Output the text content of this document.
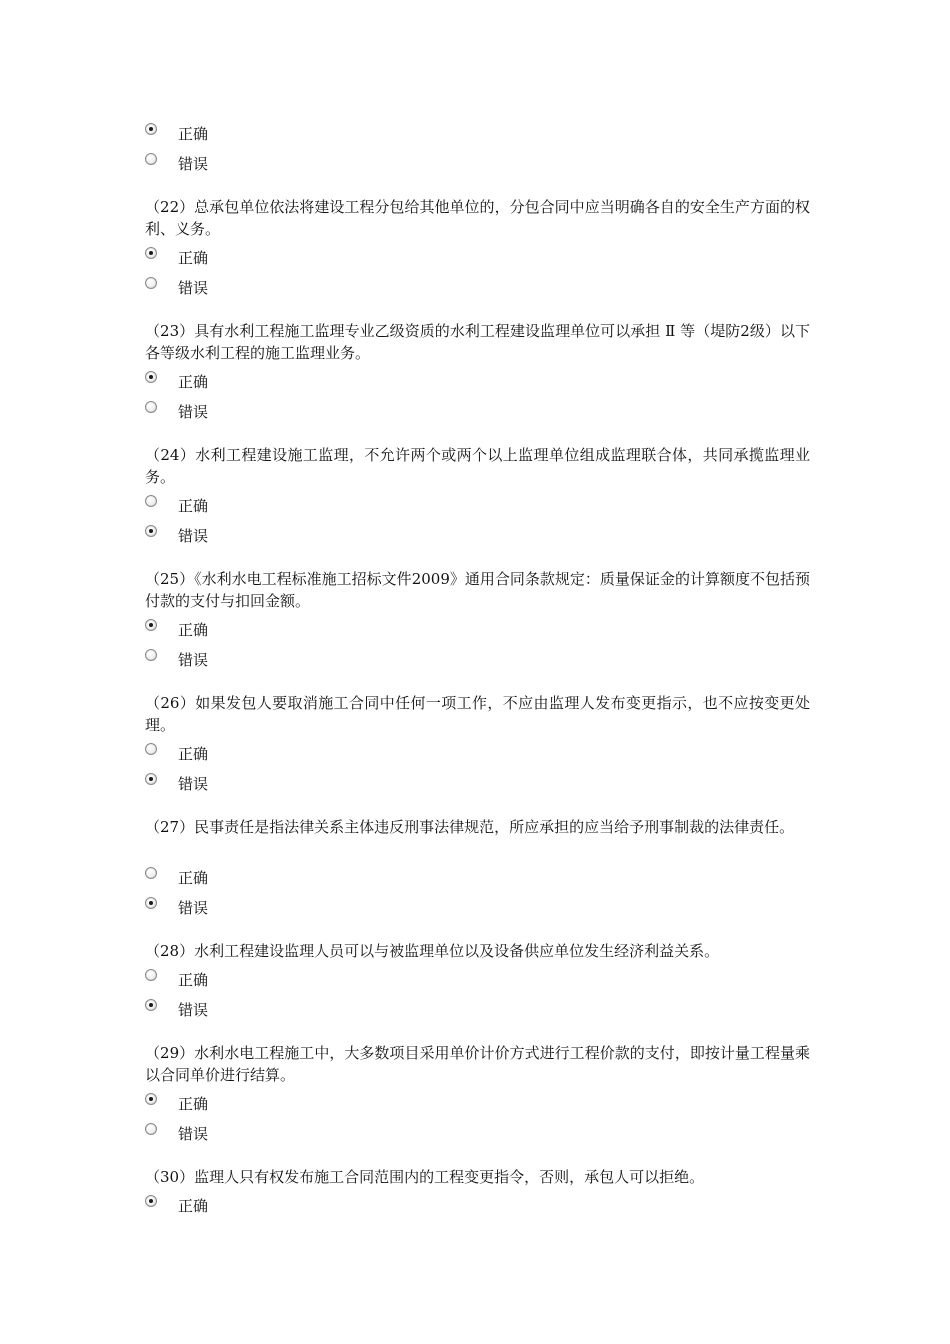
正确
错误

（22）总承包单位依法将建设工程分包给其他单位的，分包合同中应当明确各自的安全生产方面的权利、义务。

正确
错误

（23）具有水利工程施工监理专业乙级资质的水利工程建设监理单位可以承担 Ⅱ 等（堤防2级）以下各等级水利工程的施工监理业务。

正确
错误

（24）水利工程建设施工监理，不允许两个或两个以上监理单位组成监理联合体，共同承揽监理业务。

正确
错误

（25）《水利水电工程标准施工招标文件2009》通用合同条款规定：质量保证金的计算额度不包括预付款的支付与扣回金额。

正确
错误

（26）如果发包人要取消施工合同中任何一项工作，不应由监理人发布变更指示，也不应按变更处理。

正确
错误

（27）民事责任是指法律关系主体违反刑事法律规范，所应承担的应当给予刑事制裁的法律责任。

正确
错误

（28）水利工程建设监理人员可以与被监理单位以及设备供应单位发生经济利益关系。

正确
错误

（29）水利水电工程施工中，大多数项目采用单价计价方式进行工程价款的支付，即按计量工程量乘以合同单价进行结算。

正确
错误

（30）监理人只有权发布施工合同范围内的工程变更指令，否则，承包人可以拒绝。

正确
